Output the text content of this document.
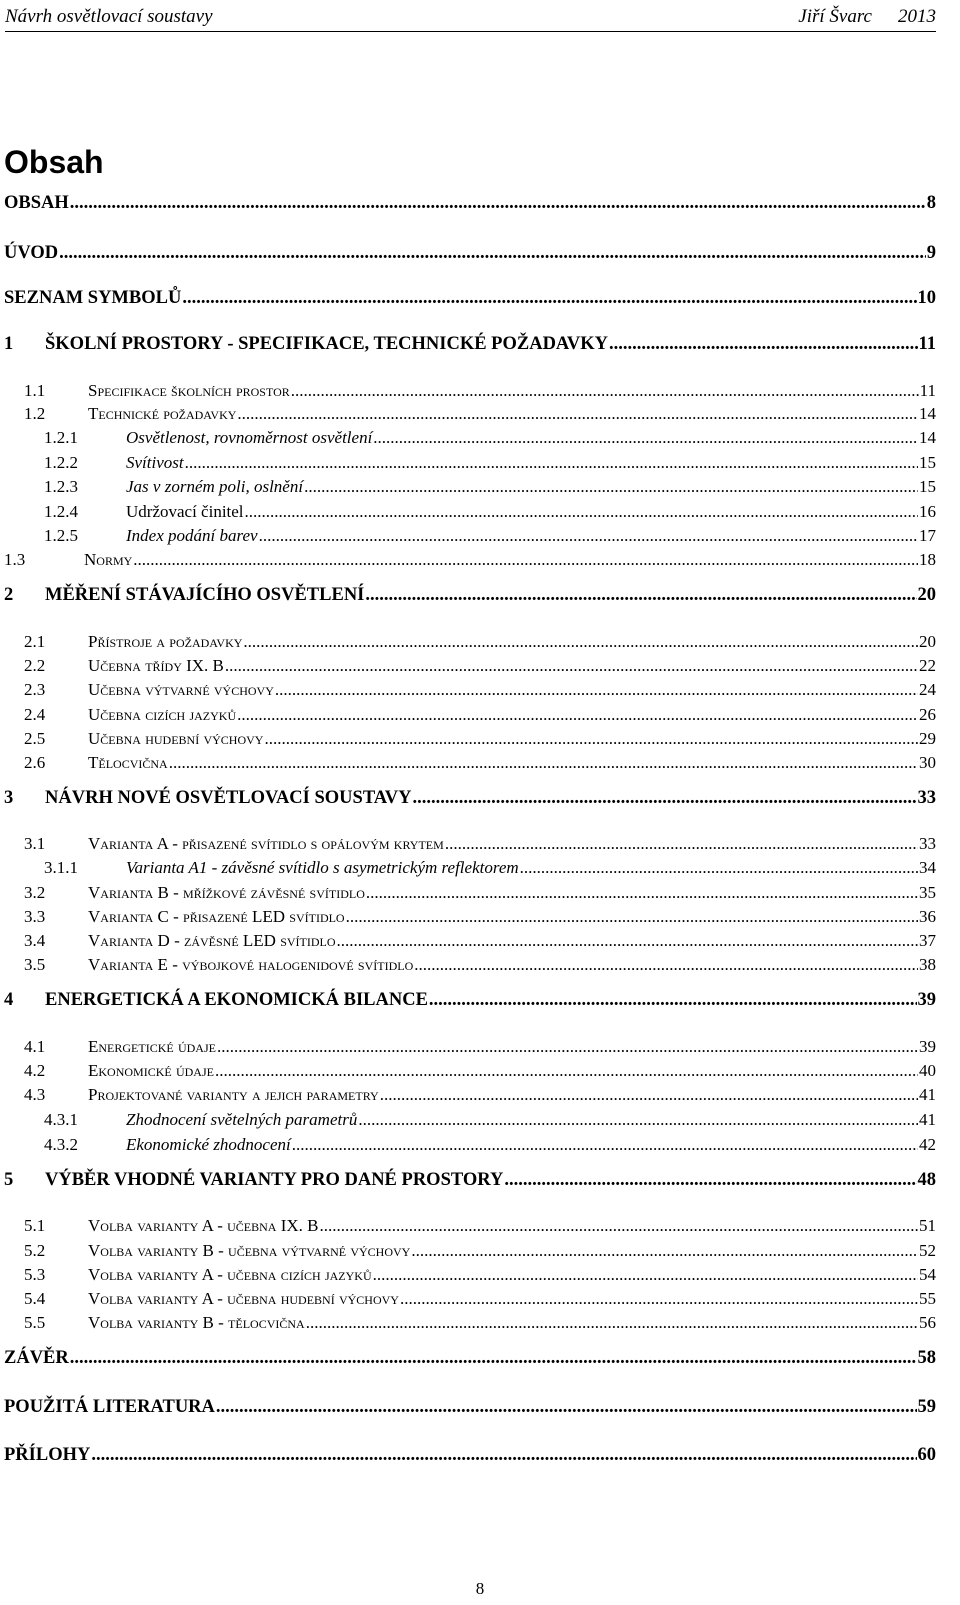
Návrh osvětlovací soustavy	Jiří Švarc 2013
Obsah
OBSAH .....	8
ÚVOD .....	9
SEZNAM SYMBOLŮ .....	10
1	ŠKOLNÍ PROSTORY - SPECIFIKACE, TECHNICKÉ POŽADAVKY .....	11
1.1	Specifikace školních prostor .....	11
1.2	Technické požadavky .....	14
1.2.1	Osvětlenost, rovnoměrnost osvětlení .....	14
1.2.2	Svítivost .....	15
1.2.3	Jas v zorném poli, oslnění .....	15
1.2.4	Udržovací činitel .....	16
1.2.5	Index podání barev .....	17
1.3	Normy .....	18
2	MĚŘENÍ STÁVAJÍCÍHO OSVĚTLENÍ .....	20
2.1	Přístroje a požadavky .....	20
2.2	Učebna třídy IX. B .....	22
2.3	Učebna výtvarné výchovy .....	24
2.4	Učebna cizích jazyků .....	26
2.5	Učebna hudební výchovy .....	29
2.6	Tělocvična .....	30
3	NÁVRH NOVÉ OSVĚTLOVACÍ SOUSTAVY .....	33
3.1	Varianta A - přisazené svítidlo s opálovým krytem .....	33
3.1.1	Varianta A1 - závěsné svítidlo s asymetrickým reflektorem .....	34
3.2	Varianta B - mřížkové závěsné svítidlo .....	35
3.3	Varianta C - přisazené LED svítidlo .....	36
3.4	Varianta D - závěsné LED svítidlo .....	37
3.5	Varianta E - výbojkové halogenidové svítidlo .....	38
4	ENERGETICKÁ A EKONOMICKÁ BILANCE .....	39
4.1	Energetické údaje .....	39
4.2	Ekonomické údaje .....	40
4.3	Projektované varianty a jejich parametry .....	41
4.3.1	Zhodnocení světelných parametrů .....	41
4.3.2	Ekonomické zhodnocení .....	42
5	VÝBĚR VHODNÉ VARIANTY PRO DANÉ PROSTORY .....	48
5.1	Volba varianty A - učebna IX. B .....	51
5.2	Volba varianty B - učebna výtvarné výchovy .....	52
5.3	Volba varianty A - učebna cizích jazyků .....	54
5.4	Volba varianty A - učebna hudební výchovy .....	55
5.5	Volba varianty B - tělocvična .....	56
ZÁVĚR .....	58
POUŽITÁ LITERATURA .....	59
PŘÍLOHY .....	60
8
